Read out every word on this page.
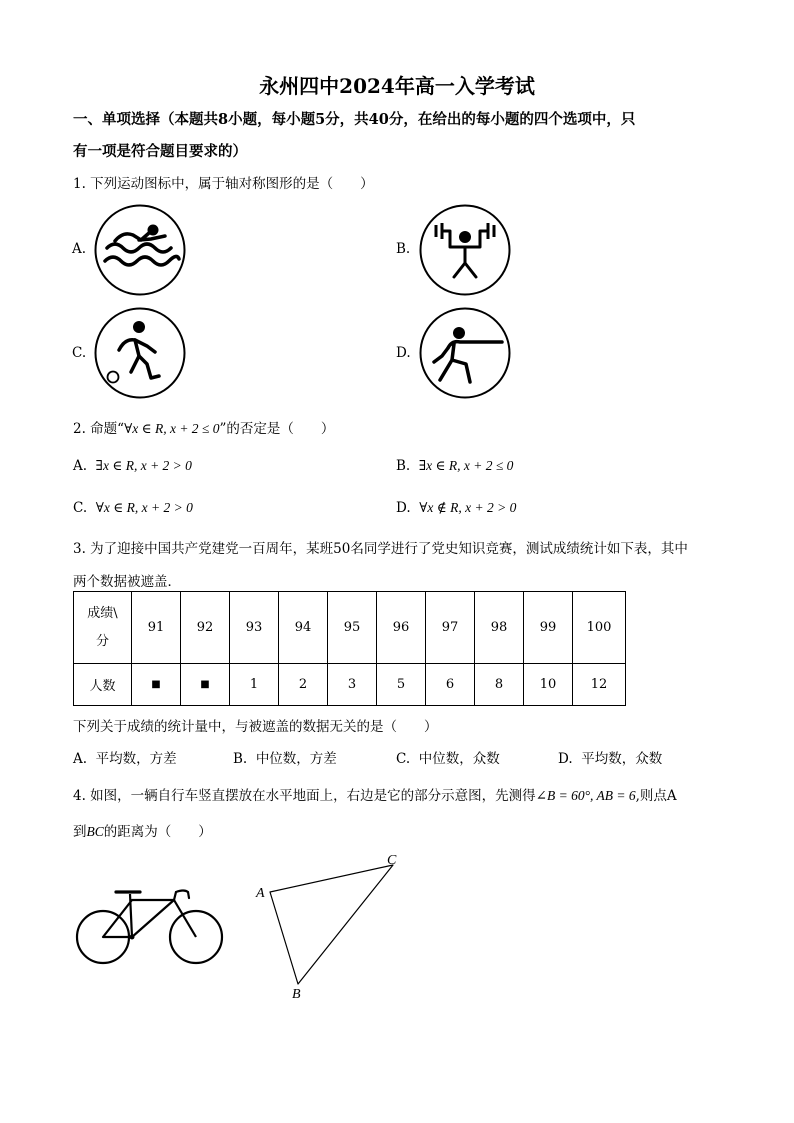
永州四中2024年高一入学考试
一、单项选择（本题共8小题，每小题5分，共40分，在给出的每小题的四个选项中，只
有一项是符合题目要求的）
1. 下列运动图标中，属于轴对称图形的是（　　）
A.	B.
C.	D.
2. 命题“∀x ∈ R, x + 2 ≤ 0”的否定是（　　）
A. ∃x ∈ R, x + 2 > 0	B. ∃x ∈ R, x + 2 ≤ 0
C. ∀x ∈ R, x + 2 > 0	D. ∀x ∉ R, x + 2 > 0
3. 为了迎接中国共产党建党一百周年，某班50名同学进行了党史知识竞赛，测试成绩统计如下表，其中
两个数据被遮盖．
成绩\
分	91	92	93	94	95	96	97	98	99	100
人数	■	■	1	2	3	5	6	8	10	12
下列关于成绩的统计量中，与被遮盖的数据无关的是（　　）
A. 平均数，方差	B. 中位数，方差	C. 中位数，众数	D. 平均数，众数
4. 如图，一辆自行车竖直摆放在水平地面上，右边是它的部分示意图，先测得∠B = 60°, AB = 6,则点A
到BC的距离为（　　）
A
C
B
